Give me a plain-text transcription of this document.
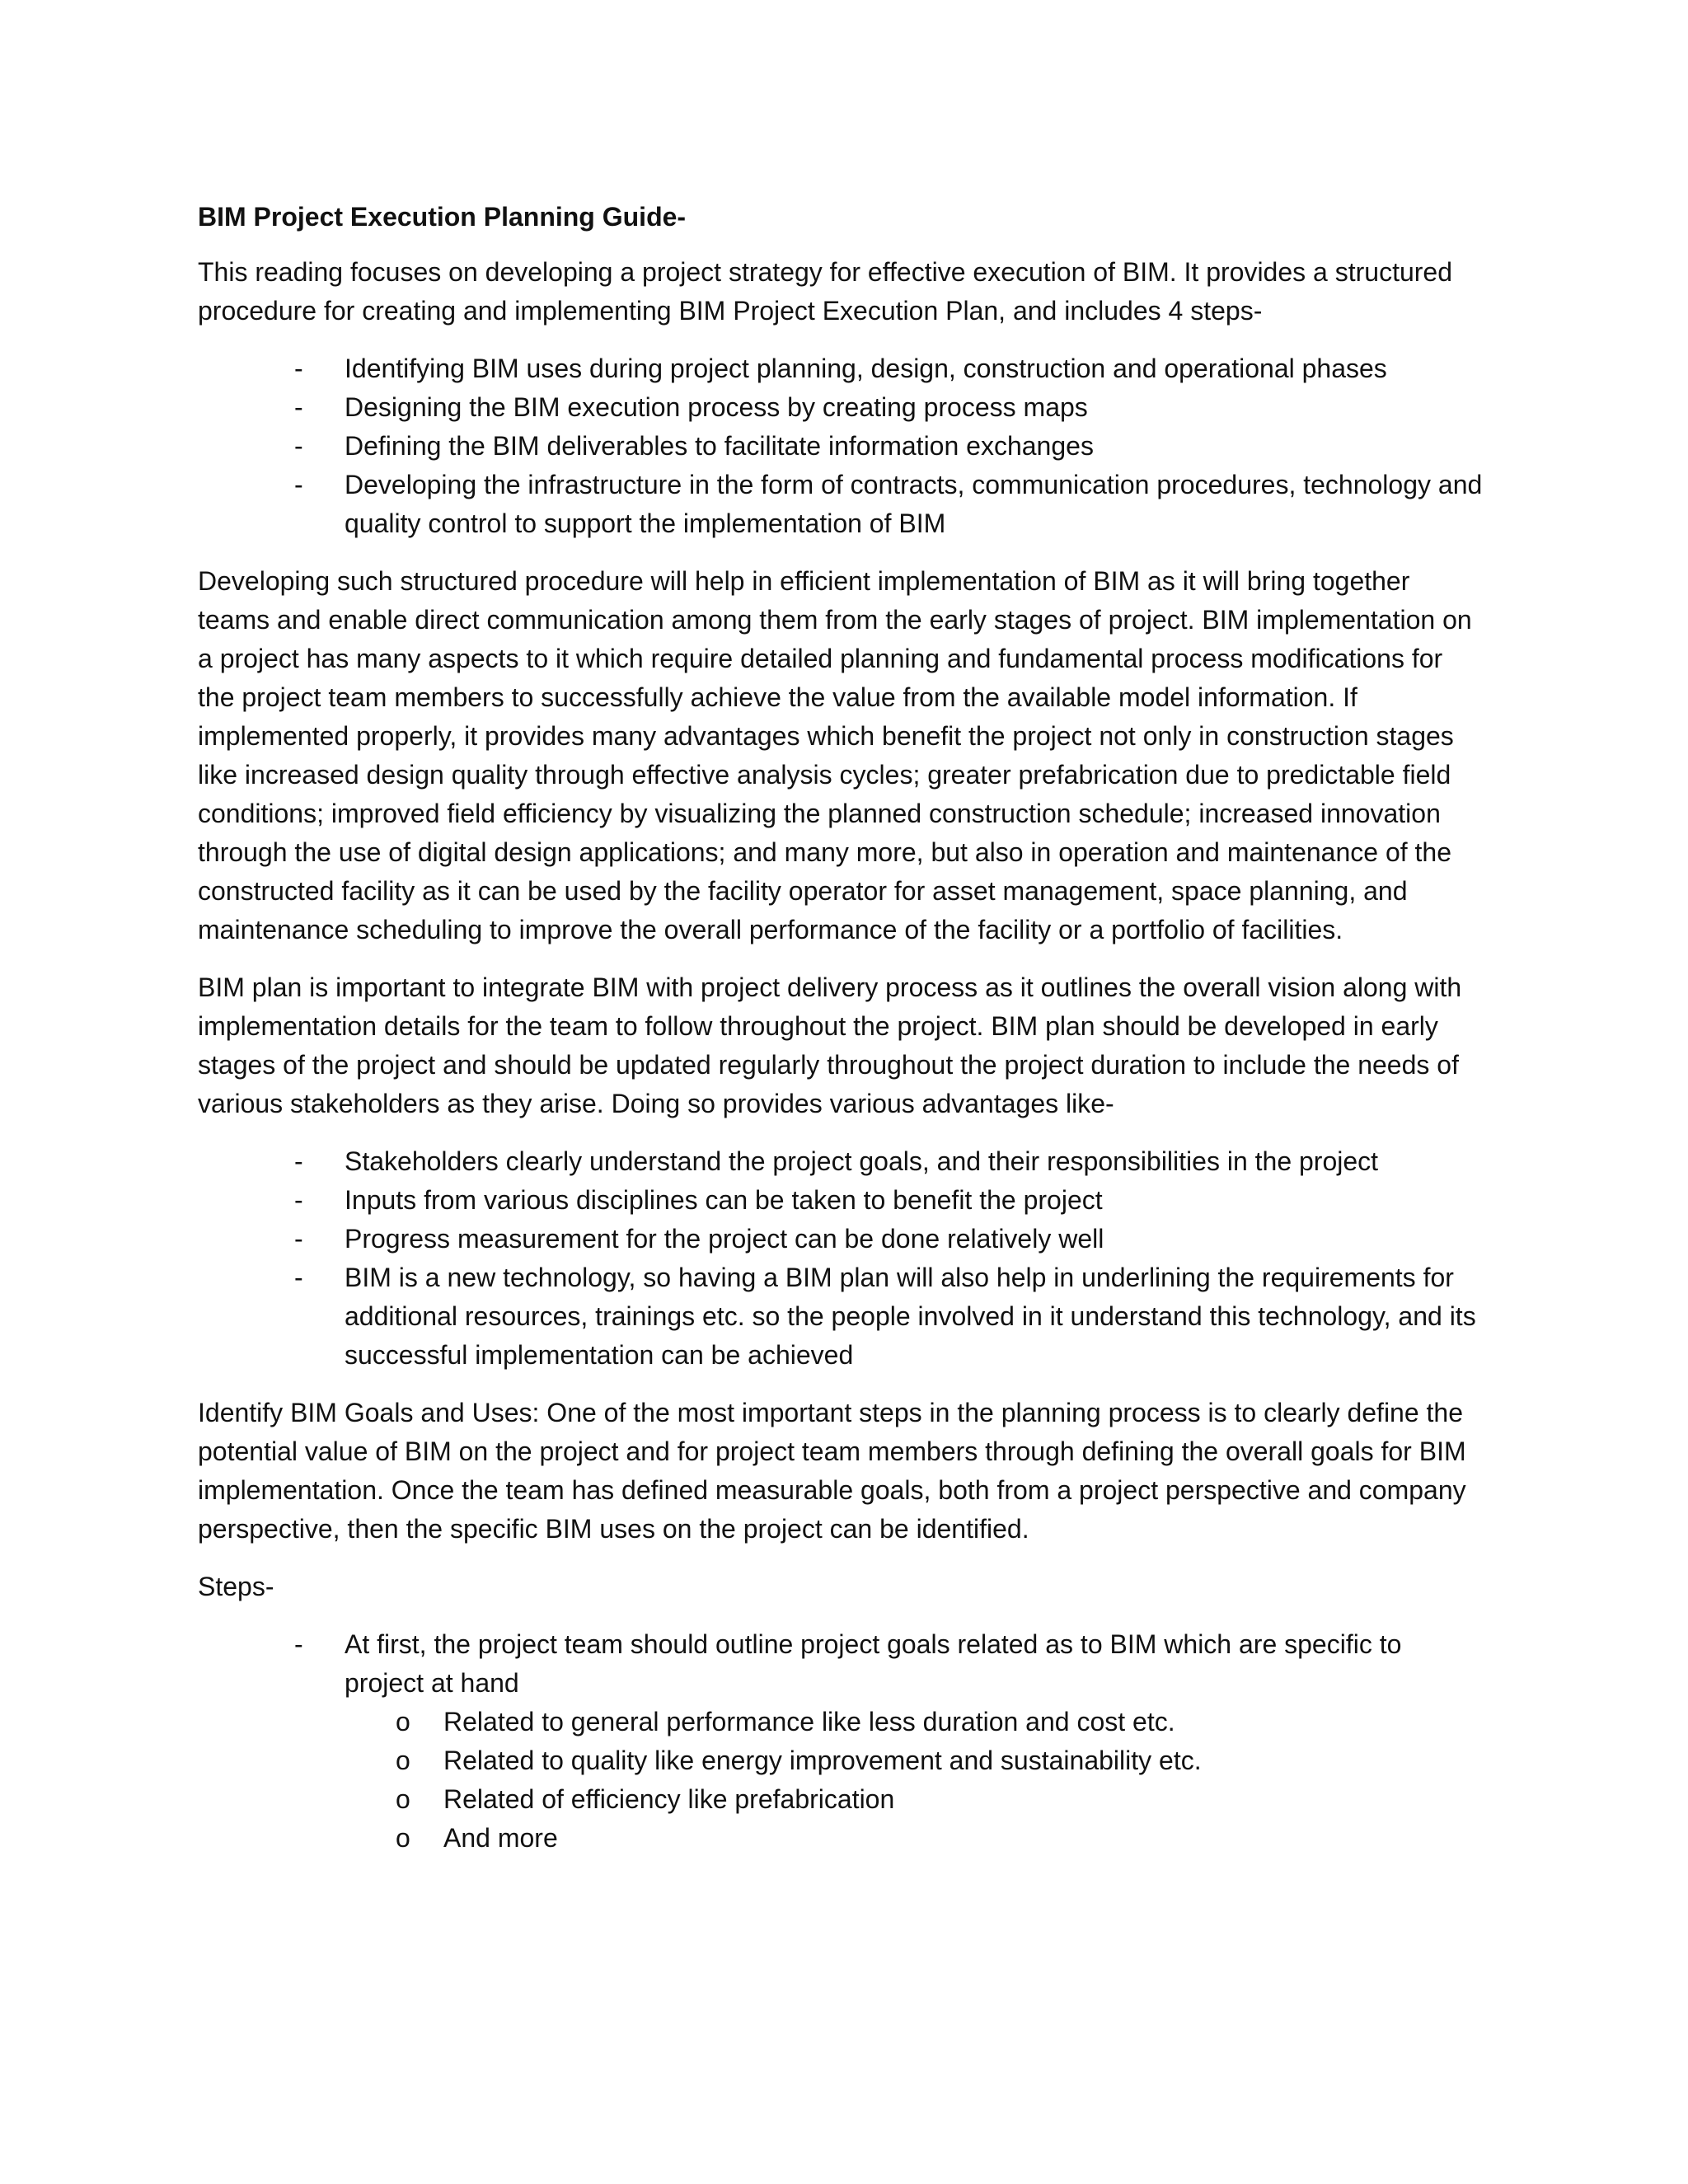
BIM Project Execution Planning Guide-

This reading focuses on developing a project strategy for effective execution of BIM. It provides a structured procedure for creating and implementing BIM Project Execution Plan, and includes 4 steps-

- Identifying BIM uses during project planning, design, construction and operational phases
- Designing the BIM execution process by creating process maps
- Defining the BIM deliverables to facilitate information exchanges
- Developing the infrastructure in the form of contracts, communication procedures, technology and quality control to support the implementation of BIM

Developing such structured procedure will help in efficient implementation of BIM as it will bring together teams and enable direct communication among them from the early stages of project. BIM implementation on a project has many aspects to it which require detailed planning and fundamental process modifications for the project team members to successfully achieve the value from the available model information. If implemented properly, it provides many advantages which benefit the project not only in construction stages like increased design quality through effective analysis cycles; greater prefabrication due to predictable field conditions; improved field efficiency by visualizing the planned construction schedule; increased innovation through the use of digital design applications; and many more, but also in operation and maintenance of the constructed facility as it can be used by the facility operator for asset management, space planning, and maintenance scheduling to improve the overall performance of the facility or a portfolio of facilities.

BIM plan is important to integrate BIM with project delivery process as it outlines the overall vision along with implementation details for the team to follow throughout the project. BIM plan should be developed in early stages of the project and should be updated regularly throughout the project duration to include the needs of various stakeholders as they arise. Doing so provides various advantages like-

- Stakeholders clearly understand the project goals, and their responsibilities in the project
- Inputs from various disciplines can be taken to benefit the project
- Progress measurement for the project can be done relatively well
- BIM is a new technology, so having a BIM plan will also help in underlining the requirements for additional resources, trainings etc. so the people involved in it understand this technology, and its successful implementation can be achieved

Identify BIM Goals and Uses: One of the most important steps in the planning process is to clearly define the potential value of BIM on the project and for project team members through defining the overall goals for BIM implementation. Once the team has defined measurable goals, both from a project perspective and company perspective, then the specific BIM uses on the project can be identified.

Steps-

- At first, the project team should outline project goals related as to BIM which are specific to project at hand
o Related to general performance like less duration and cost etc.
o Related to quality like energy improvement and sustainability etc.
o Related of efficiency like prefabrication
o And more
